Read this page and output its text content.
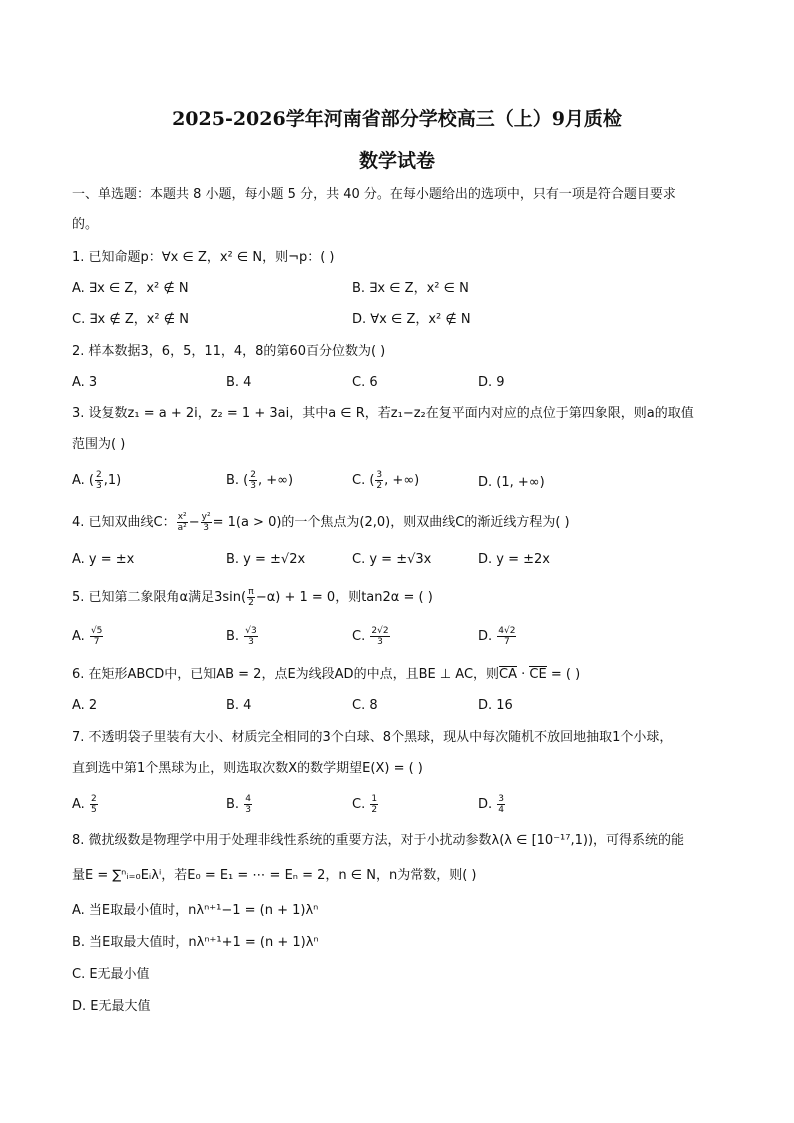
2025-2026学年河南省部分学校高三（上）9月质检
数学试卷
一、单选题：本题共 8 小题，每小题 5 分，共 40 分。在每小题给出的选项中，只有一项是符合题目要求
的。
1. 已知命题p：∀x ∈ Z，x² ∈ N，则¬p：( )
A. ∃x ∈ Z，x² ∉ N	B. ∃x ∈ Z，x² ∈ N
C. ∃x ∉ Z，x² ∉ N	D. ∀x ∈ Z，x² ∉ N
2. 样本数据3，6，5，11，4，8的第60百分位数为( )
A. 3	B. 4	C. 6	D. 9
3. 设复数z₁ = a + 2i，z₂ = 1 + 3ai，其中a ∈ R，若z₁−z₂在复平面内对应的点位于第四象限，则a的取值
范围为( )
A. ( $\frac{2}{3} ,1$)	B. ( $\frac{2}{3}$ , +∞)	C. ( $\frac{3}{2}$ , +∞)	D. (1, +∞)
4. 已知双曲线C： $\frac{\text{x²}}{\text{a²}} - \frac{\text{y²}}{3} = 1(a > 0)$的一个焦点为(2,0)，则双曲线C的渐近线方程为( )
A. y = ±x	B. y = ±√2x	C. y = ±√3x	D. y = ±2x
5. 已知第二象限角α满足$3\sin( \frac{\pi}{2} -\alpha) + 1 = 0$，则tan2α = ( )
A. $\frac{√5}{7}$	B. $\frac{√3}{3}$	C. $\frac{2√2}{3}$	D. $\frac{4√2}{7}$
6. 在矩形ABCD中，已知AB = 2，点E为线段AD的中点，且BE ⊥ AC，则CA · CE = ( )
A. 2	B. 4	C. 8	D. 16
7. 不透明袋子里装有大小、材质完全相同的3个白球、8个黑球，现从中每次随机不放回地抽取1个小球，
直到选中第1个黑球为止，则选取次数X的数学期望E(X) = ( )
A. $\frac{2}{5}$	B. $\frac{4}{3}$	C. $\frac{1}{2}$	D. $\frac{3}{4}$
8. 微扰级数是物理学中用于处理非线性系统的重要方法，对于小扰动参数λ(λ ∈ [10⁻¹⁷,1))，可得系统的能
量E = ∑ⁿᵢ₌₀Eᵢλⁱ，若E₀ = E₁ = ⋯ = Eₙ = 2，n ∈ N，n为常数，则( )
A. 当E取最小值时，nλⁿ⁺¹−1 = (n + 1)λⁿ
B. 当E取最大值时，nλⁿ⁺¹+1 = (n + 1)λⁿ
C. E无最小值
D. E无最大值
